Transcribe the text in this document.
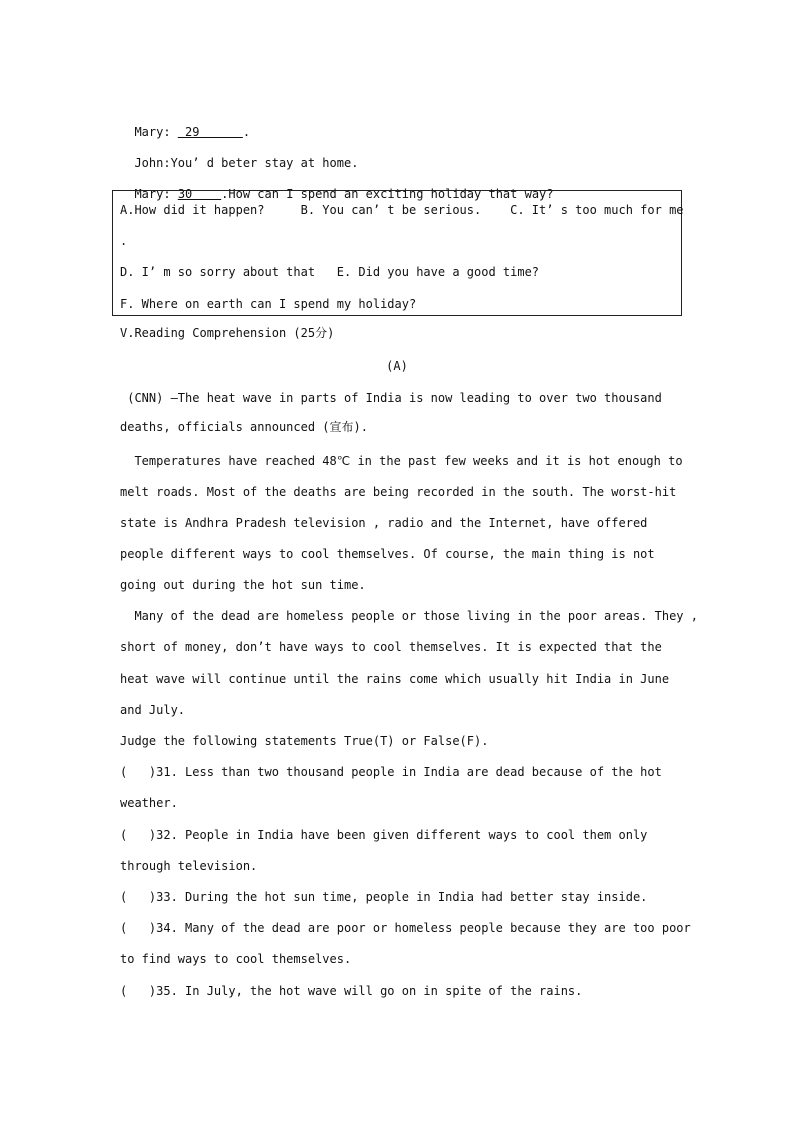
Mary:  29      .

John:You’ d beter stay at home.

Mary: 30    .How can I spend an exciting holiday that way?

A.How did it happen?     B. You can’ t be serious.    C. It’ s too much for me
.
D. I’ m so sorry about that   E. Did you have a good time?
F. Where on earth can I spend my holiday?
V.Reading Comprehension (25分)
(A)
(CNN) –The heat wave in parts of India is now leading to over two thousand
deaths, officials announced (宣布).
Temperatures have reached 48℃ in the past few weeks and it is hot enough to
melt roads. Most of the deaths are being recorded in the south. The worst-hit
state is Andhra Pradesh television , radio and the Internet, have offered
people different ways to cool themselves. Of course, the main thing is not
going out during the hot sun time.
Many of the dead are homeless people or those living in the poor areas. They ,
short of money, don’t have ways to cool themselves. It is expected that the
heat wave will continue until the rains come which usually hit India in June
and July.
Judge the following statements True(T) or False(F).
(   )31. Less than two thousand people in India are dead because of the hot
weather.
(   )32. People in India have been given different ways to cool them only
through television.
(   )33. During the hot sun time, people in India had better stay inside.
(   )34. Many of the dead are poor or homeless people because they are too poor
to find ways to cool themselves.
(   )35. In July, the hot wave will go on in spite of the rains.
